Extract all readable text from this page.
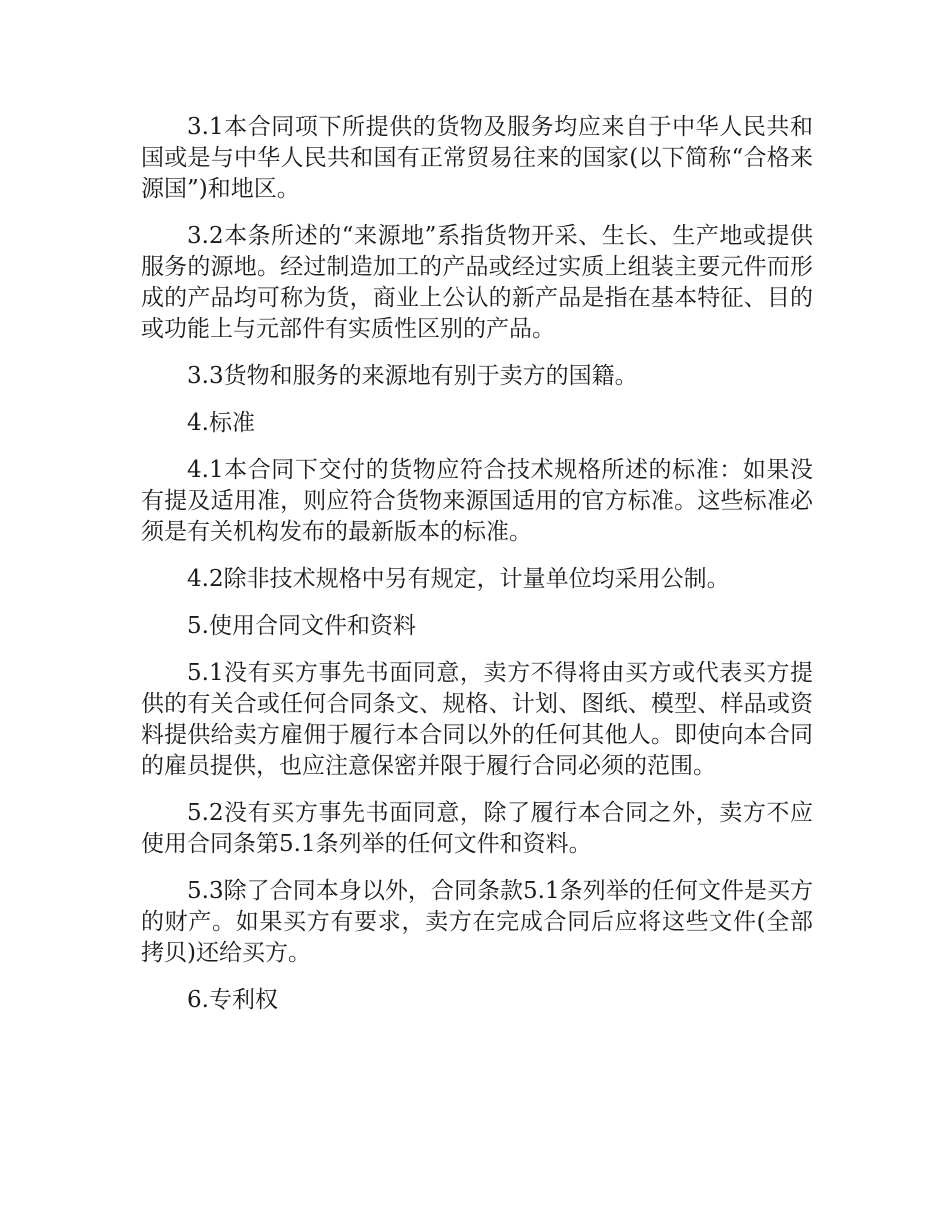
3.1本合同项下所提供的货物及服务均应来自于中华人民共和国或是与中华人民共和国有正常贸易往来的国家(以下简称“合格来源国”)和地区。

3.2本条所述的“来源地”系指货物开采、生长、生产地或提供服务的源地。经过制造加工的产品或经过实质上组装主要元件而形成的产品均可称为货，商业上公认的新产品是指在基本特征、目的或功能上与元部件有实质性区别的产品。

3.3货物和服务的来源地有别于卖方的国籍。

4.标准

4.1本合同下交付的货物应符合技术规格所述的标准：如果没有提及适用准，则应符合货物来源国适用的官方标准。这些标准必须是有关机构发布的最新版本的标准。

4.2除非技术规格中另有规定，计量单位均采用公制。

5.使用合同文件和资料

5.1没有买方事先书面同意，卖方不得将由买方或代表买方提供的有关合或任何合同条文、规格、计划、图纸、模型、样品或资料提供给卖方雇佣于履行本合同以外的任何其他人。即使向本合同的雇员提供，也应注意保密并限于履行合同必须的范围。

5.2没有买方事先书面同意，除了履行本合同之外，卖方不应使用合同条第5.1条列举的任何文件和资料。

5.3除了合同本身以外，合同条款5.1条列举的任何文件是买方的财产。如果买方有要求，卖方在完成合同后应将这些文件(全部拷贝)还给买方。

6.专利权
